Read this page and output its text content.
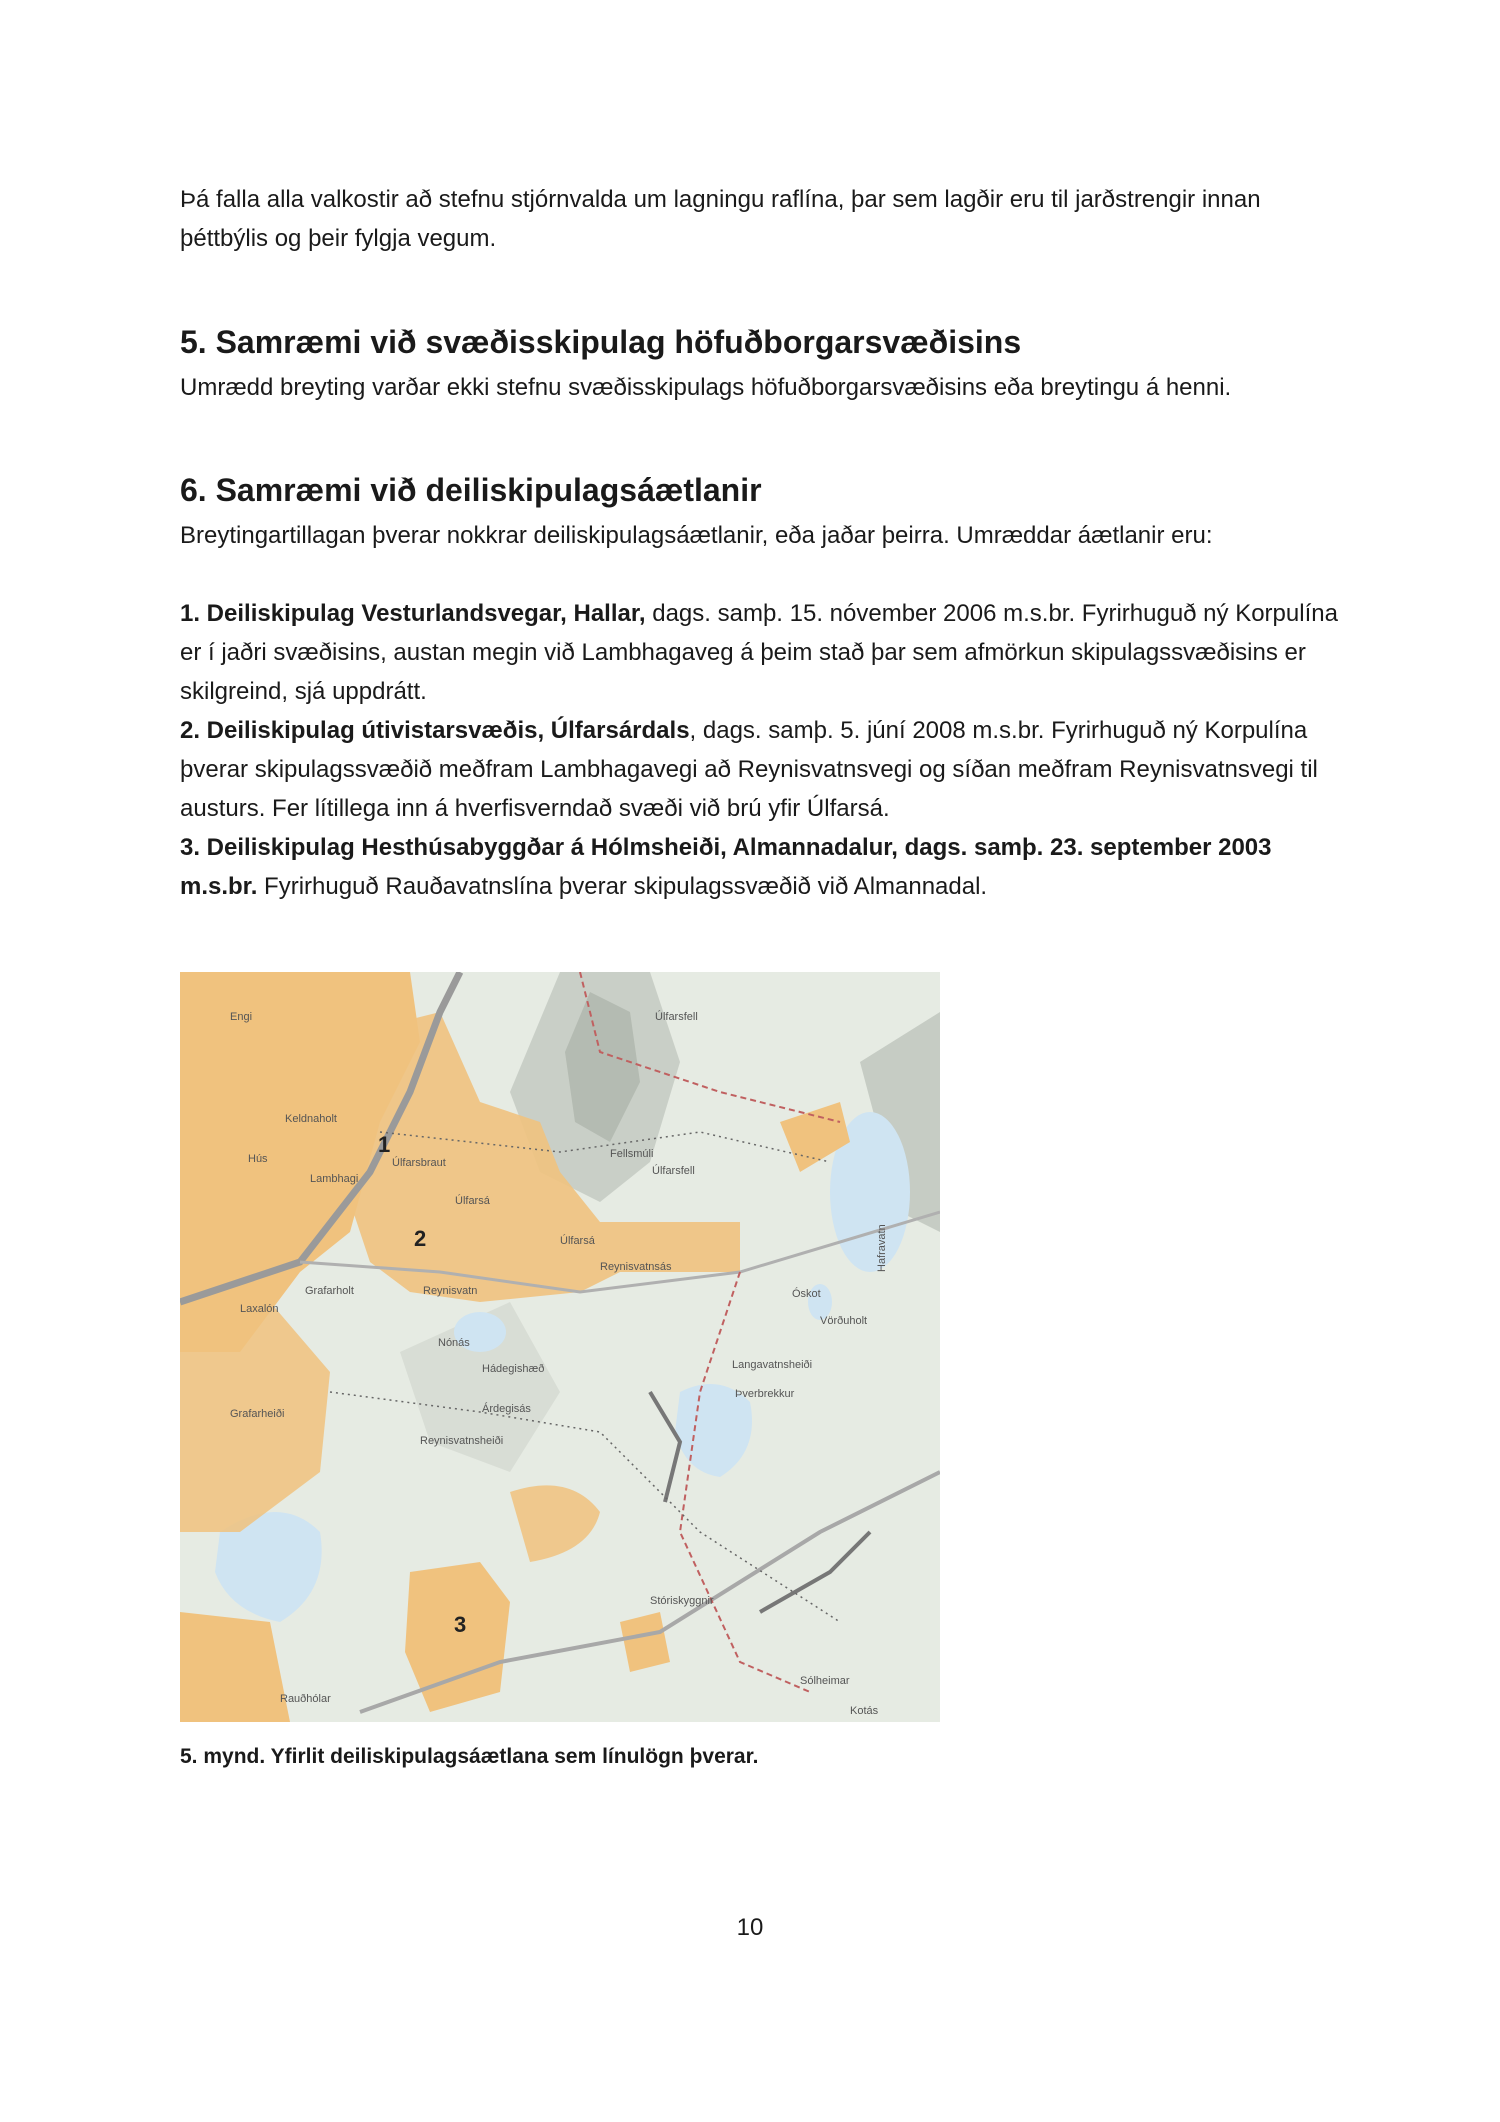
Þá falla alla valkostir að stefnu stjórnvalda um lagningu raflína, þar sem lagðir eru til jarðstrengir innan þéttbýlis og þeir fylgja vegum.

5. Samræmi við svæðisskipulag höfuðborgarsvæðisins

Umrædd breyting varðar ekki stefnu svæðisskipulags höfuðborgarsvæðisins eða breytingu á henni.

6. Samræmi við deiliskipulagsáætlanir

Breytingartillagan þverar nokkrar deiliskipulagsáætlanir, eða jaðar þeirra. Umræddar áætlanir eru:

1. Deiliskipulag Vesturlandsvegar, Hallar, dags. samþ. 15. nóvember 2006 m.s.br. Fyrirhuguð ný Korpulína er í jaðri svæðisins, austan megin við Lambhagaveg á þeim stað þar sem afmörkun skipulagssvæðisins er skilgreind, sjá uppdrátt.

2. Deiliskipulag útivistarsvæðis, Úlfarsárdals, dags. samþ. 5. júní 2008 m.s.br. Fyrirhuguð ný Korpulína þverar skipulagssvæðið meðfram Lambhagavegi að Reynisvatnsvegi og síðan meðfram Reynisvatnsvegi til austurs. Fer lítillega inn á hverfisverndað svæði við brú yfir Úlfarsá.

3. Deiliskipulag Hesthúsabyggðar á Hólmsheiði, Almannadalur, dags. samþ. 23. september 2003 m.s.br. Fyrirhuguð Rauðavatnslína þverar skipulagssvæðið við Almannadal.

Úlfarsfell
Keldnaholt
Hús
Lambhagi
Úlfarsbraut
Úlfarsá
Úlfarsá
Reynisvatnsás
Reynisvatn
Grafarholt
Laxalón
Nónás
Hádegishæð
Árdegisás
Reynisvatnsheiði
Grafarheiði
Fellsmúli
Úlfarsfell
Óskot
Vörðuholt
Langavatnsheiði
Þverbrekkur
Hafravatn
Rauðhólar
Sólheimar
Kotás
Stóriskyggnir
Engi
1
2
3

5. mynd. Yfirlit deiliskipulagsáætlana sem línulögn þverar.

10
